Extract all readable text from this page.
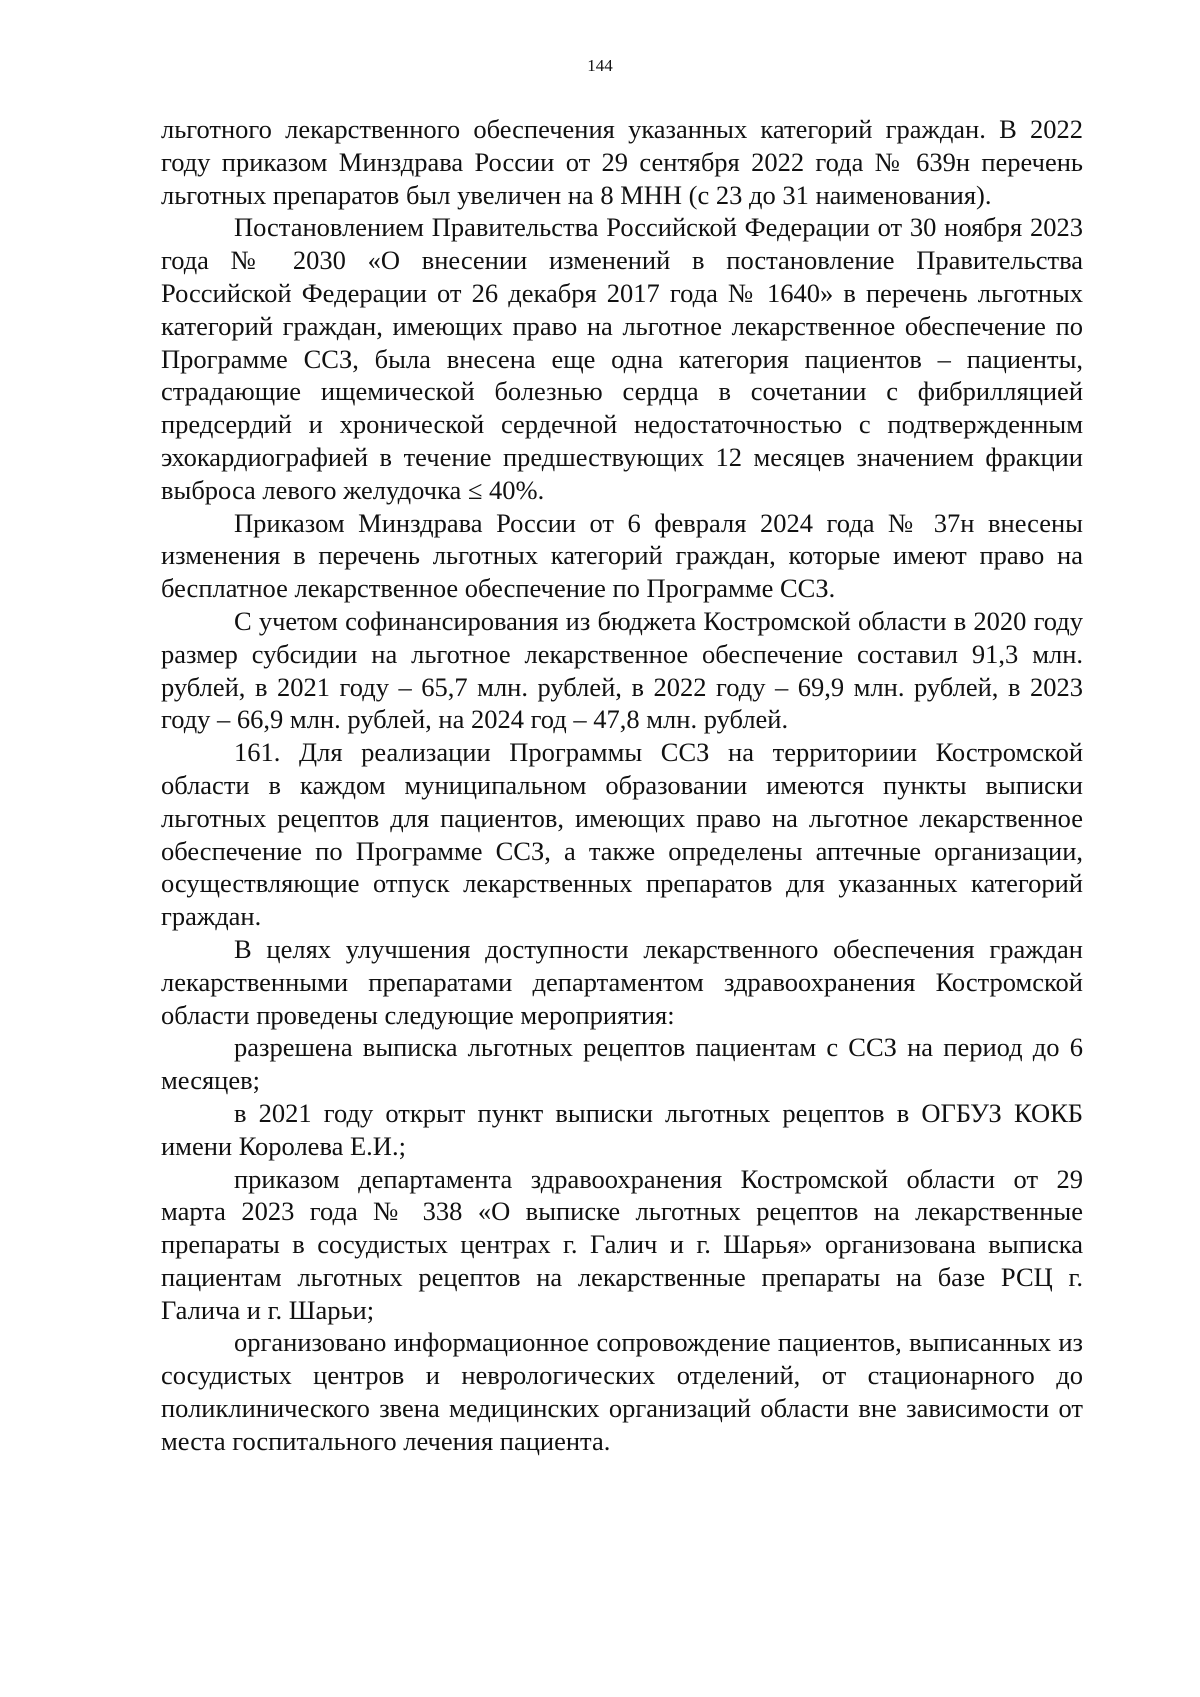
144

льготного лекарственного обеспечения указанных категорий граждан. В 2022 году приказом Минздрава России от 29 сентября 2022 года № 639н перечень льготных препаратов был увеличен на 8 МНН (с 23 до 31 наименования).

Постановлением Правительства Российской Федерации от 30 ноября 2023 года № 2030 «О внесении изменений в постановление Правительства Российской Федерации от 26 декабря 2017 года № 1640» в перечень льготных категорий граждан, имеющих право на льготное лекарственное обеспечение по Программе ССЗ, была внесена еще одна категория пациентов – пациенты, страдающие ищемической болезнью сердца в сочетании с фибрилляцией предсердий и хронической сердечной недостаточностью с подтвержденным эхокардиографией в течение предшествующих 12 месяцев значением фракции выброса левого желудочка ≤ 40%.

Приказом Минздрава России от 6 февраля 2024 года № 37н внесены изменения в перечень льготных категорий граждан, которые имеют право на бесплатное лекарственное обеспечение по Программе ССЗ.

С учетом софинансирования из бюджета Костромской области в 2020 году размер субсидии на льготное лекарственное обеспечение составил 91,3 млн. рублей, в 2021 году – 65,7 млн. рублей, в 2022 году – 69,9 млн. рублей, в 2023 году – 66,9 млн. рублей, на 2024 год – 47,8 млн. рублей.

161. Для реализации Программы ССЗ на территориии Костромской области в каждом муниципальном образовании имеются пункты выписки льготных рецептов для пациентов, имеющих право на льготное лекарственное обеспечение по Программе ССЗ, а также определены аптечные организации, осуществляющие отпуск лекарственных препаратов для указанных категорий граждан.

В целях улучшения доступности лекарственного обеспечения граждан лекарственными препаратами департаментом здравоохранения Костромской области проведены следующие мероприятия:

разрешена выписка льготных рецептов пациентам с ССЗ на период до 6 месяцев;

в 2021 году открыт пункт выписки льготных рецептов в ОГБУЗ КОКБ имени Королева Е.И.;

приказом департамента здравоохранения Костромской области от 29 марта 2023 года № 338 «О выписке льготных рецептов на лекарственные препараты в сосудистых центрах г. Галич и г. Шарья» организована выписка пациентам льготных рецептов на лекарственные препараты на базе РСЦ г. Галича и г. Шарьи;

организовано информационное сопровождение пациентов, выписанных из сосудистых центров и неврологических отделений, от стационарного до поликлинического звена медицинских организаций области вне зависимости от места госпитального лечения пациента.
